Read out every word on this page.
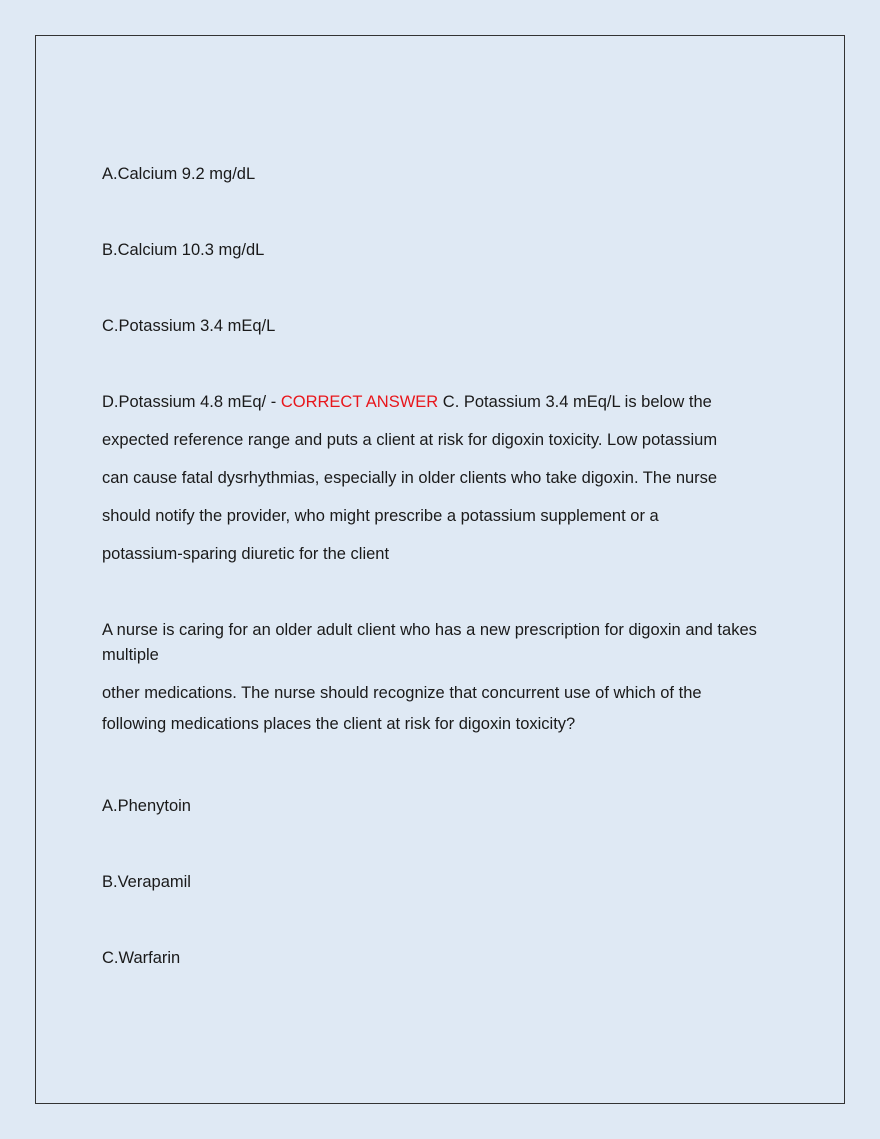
A.Calcium 9.2 mg/dL

B.Calcium 10.3 mg/dL

C.Potassium 3.4 mEq/L

D.Potassium 4.8 mEq/ - CORRECT ANSWER C. Potassium 3.4 mEq/L is below the

expected reference range and puts a client at risk for digoxin toxicity. Low potassium

can cause fatal dysrhythmias, especially in older clients who take digoxin. The nurse

should notify the provider, who might prescribe a potassium supplement or a

potassium-sparing diuretic for the client

A nurse is caring for an older adult client who has a new prescription for digoxin and takes multiple

other medications. The nurse should recognize that concurrent use of which of the

following medications places the client at risk for digoxin toxicity?

A.Phenytoin

B.Verapamil

C.Warfarin
